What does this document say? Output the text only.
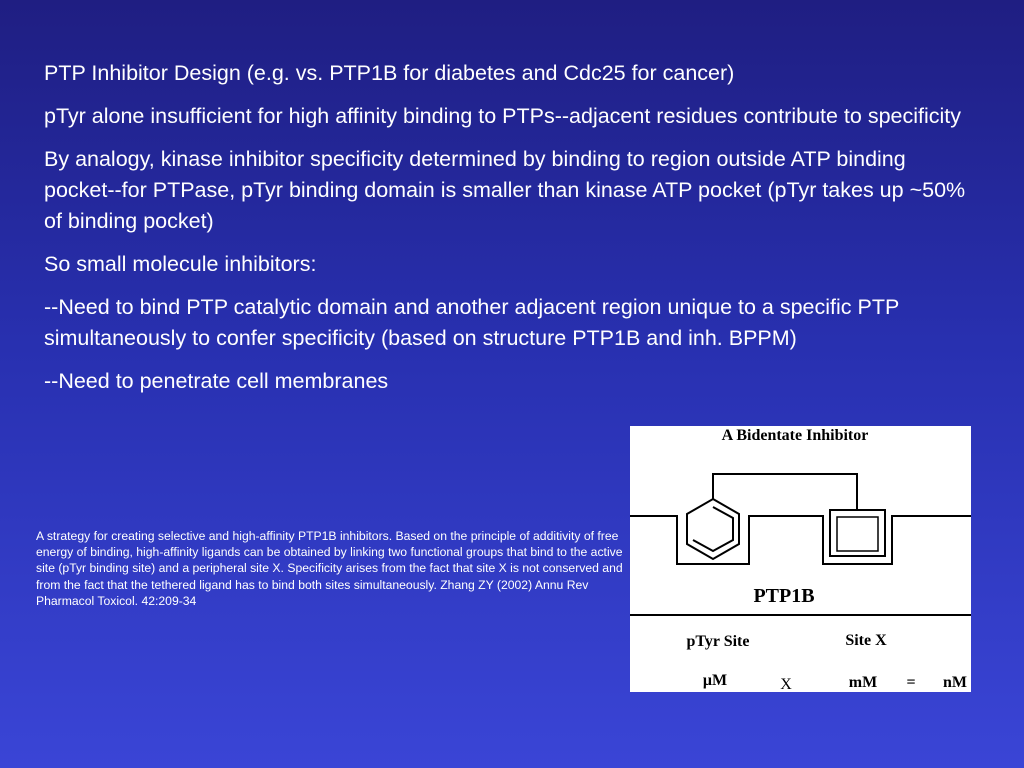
PTP Inhibitor Design (e.g. vs. PTP1B for diabetes and Cdc25 for cancer)

pTyr alone insufficient for high affinity binding to PTPs--adjacent residues contribute to specificity

By analogy, kinase inhibitor specificity determined by binding to region outside ATP binding pocket--for PTPase, pTyr binding domain is smaller than kinase ATP pocket (pTyr takes up ~50% of binding pocket)

So small molecule inhibitors:

--Need to bind PTP catalytic domain and another adjacent region unique to a specific PTP simultaneously to confer specificity (based on structure PTP1B and inh. BPPM)

--Need to penetrate cell membranes

A strategy for creating selective and high-affinity PTP1B inhibitors. Based on the principle of additivity of free energy of binding, high-affinity ligands can be obtained by linking two functional groups that bind to the active site (pTyr binding site) and a peripheral site X. Specificity arises from the fact that site X is not conserved and from the fact that the tethered ligand has to bind both sites simultaneously. Zhang ZY (2002) Annu Rev Pharmacol Toxicol. 42:209-34
A Bidentate Inhibitor
PTP1B
pTyr Site	Site X
μM	X	mM = nM
